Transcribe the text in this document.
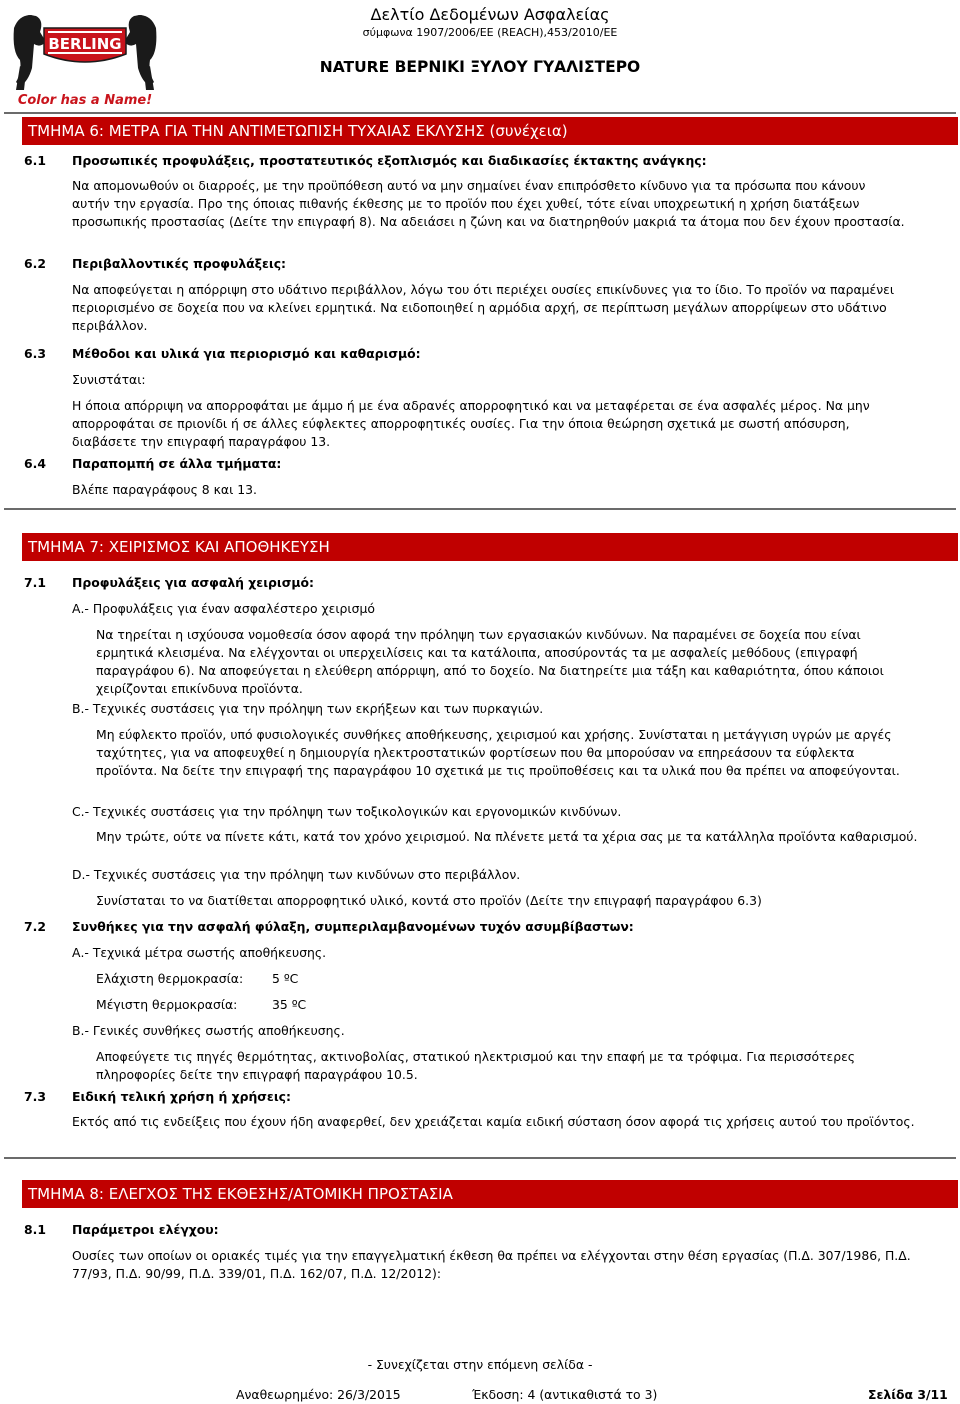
BERLING
Color has a Name!
Δελτίο Δεδομένων Ασφαλείας
σύμφωνα 1907/2006/ΕΕ (REACH),453/2010/ΕΕ
NATURE ΒΕΡΝΙΚΙ ΞΥΛΟΥ ΓΥΑΛΙΣΤΕΡΟ
ΤΜΗΜΑ 6: ΜΕΤΡΑ ΓΙΑ ΤΗΝ ΑΝΤΙΜΕΤΩΠΙΣΗ ΤΥΧΑΙΑΣ ΕΚΛΥΣΗΣ (συνέχεια)
6.1 Προσωπικές προφυλάξεις, προστατευτικός εξοπλισμός και διαδικασίες έκτακτης ανάγκης:
Να απομονωθούν οι διαρροές, με την προϋπόθεση αυτό να μην σημαίνει έναν επιπρόσθετο κίνδυνο για τα πρόσωπα που κάνουν
αυτήν την εργασία. Προ της όποιας πιθανής έκθεσης με το προϊόν που έχει χυθεί, τότε είναι υποχρεωτική η χρήση διατάξεων
προσωπικής προστασίας (Δείτε την επιγραφή 8). Να αδειάσει η ζώνη και να διατηρηθούν μακριά τα άτομα που δεν έχουν προστασία.
6.2 Περιβαλλοντικές προφυλάξεις:
Να αποφεύγεται η απόρριψη στο υδάτινο περιβάλλον, λόγω του ότι περιέχει ουσίες επικίνδυνες για το ίδιο. Το προϊόν να παραμένει
περιορισμένο σε δοχεία που να κλείνει ερμητικά. Να ειδοποιηθεί η αρμόδια αρχή, σε περίπτωση μεγάλων απορρίψεων στο υδάτινο
περιβάλλον.
6.3 Μέθοδοι και υλικά για περιορισμό και καθαρισμό:
Συνιστάται:
Η όποια απόρριψη να απορροφάται με άμμο ή με ένα αδρανές απορροφητικό και να μεταφέρεται σε ένα ασφαλές μέρος. Να μην
απορροφάται σε πριονίδι ή σε άλλες εύφλεκτες απορροφητικές ουσίες. Για την όποια θεώρηση σχετικά με σωστή απόσυρση,
διαβάσετε την επιγραφή παραγράφου 13.
6.4 Παραπομπή σε άλλα τμήματα:
Βλέπε παραγράφους 8 και 13.
ΤΜΗΜΑ 7: ΧΕΙΡΙΣΜΟΣ ΚΑΙ ΑΠΟΘΗΚΕΥΣΗ
7.1 Προφυλάξεις για ασφαλή χειρισμό:
Α.- Προφυλάξεις για έναν ασφαλέστερο χειρισμό
Να τηρείται η ισχύουσα νομοθεσία όσον αφορά την πρόληψη των εργασιακών κινδύνων. Να παραμένει σε δοχεία που είναι
ερμητικά κλεισμένα. Να ελέγχονται οι υπερχειλίσεις και τα κατάλοιπα, αποσύροντάς τα με ασφαλείς μεθόδους (επιγραφή
παραγράφου 6). Να αποφεύγεται η ελεύθερη απόρριψη, από το δοχείο. Να διατηρείτε μια τάξη και καθαριότητα, όπου κάποιοι
χειρίζονται επικίνδυνα προϊόντα.
Β.- Τεχνικές συστάσεις για την πρόληψη των εκρήξεων και των πυρκαγιών.
Μη εύφλεκτο προϊόν, υπό φυσιολογικές συνθήκες αποθήκευσης, χειρισμού και χρήσης. Συνίσταται η μετάγγιση υγρών με αργές
ταχύτητες, για να αποφευχθεί η δημιουργία ηλεκτροστατικών φορτίσεων που θα μπορούσαν να επηρεάσουν τα εύφλεκτα
προϊόντα. Να δείτε την επιγραφή της παραγράφου 10 σχετικά με τις προϋποθέσεις και τα υλικά που θα πρέπει να αποφεύγονται.
C.- Τεχνικές συστάσεις για την πρόληψη των τοξικολογικών και εργονομικών κινδύνων.
Μην τρώτε, ούτε να πίνετε κάτι, κατά τον χρόνο χειρισμού. Να πλένετε μετά τα χέρια σας με τα κατάλληλα προϊόντα καθαρισμού.
D.- Τεχνικές συστάσεις για την πρόληψη των κινδύνων στο περιβάλλον.
Συνίσταται το να διατίθεται απορροφητικό υλικό, κοντά στο προϊόν (Δείτε την επιγραφή παραγράφου 6.3)
7.2 Συνθήκες για την ασφαλή φύλαξη, συμπεριλαμβανομένων τυχόν ασυμβίβαστων:
Α.- Τεχνικά μέτρα σωστής αποθήκευσης.
Ελάχιστη θερμοκρασία: 5 ºC
Μέγιστη θερμοκρασία:	35 ºC
Β.- Γενικές συνθήκες σωστής αποθήκευσης.
Αποφεύγετε τις πηγές θερμότητας, ακτινοβολίας, στατικού ηλεκτρισμού και την επαφή με τα τρόφιμα. Για περισσότερες
πληροφορίες δείτε την επιγραφή παραγράφου 10.5.
7.3 Ειδική τελική χρήση ή χρήσεις:
Εκτός από τις ενδείξεις που έχουν ήδη αναφερθεί, δεν χρειάζεται καμία ειδική σύσταση όσον αφορά τις χρήσεις αυτού του προϊόντος.
ΤΜΗΜΑ 8: ΕΛΕΓΧΟΣ ΤΗΣ ΕΚΘΕΣΗΣ/ΑΤΟΜΙΚΗ ΠΡΟΣΤΑΣΙΑ
8.1 Παράμετροι ελέγχου:
Ουσίες των οποίων οι οριακές τιμές για την επαγγελματική έκθεση θα πρέπει να ελέγχονται στην θέση εργασίας (Π.Δ. 307/1986, Π.Δ.
77/93, Π.Δ. 90/99, Π.Δ. 339/01, Π.Δ. 162/07, Π.Δ. 12/2012):
- Συνεχίζεται στην επόμενη σελίδα -
Αναθεωρημένο: 26/3/2015	Έκδοση: 4 (αντικαθιστά το 3)	Σελίδα 3/11
